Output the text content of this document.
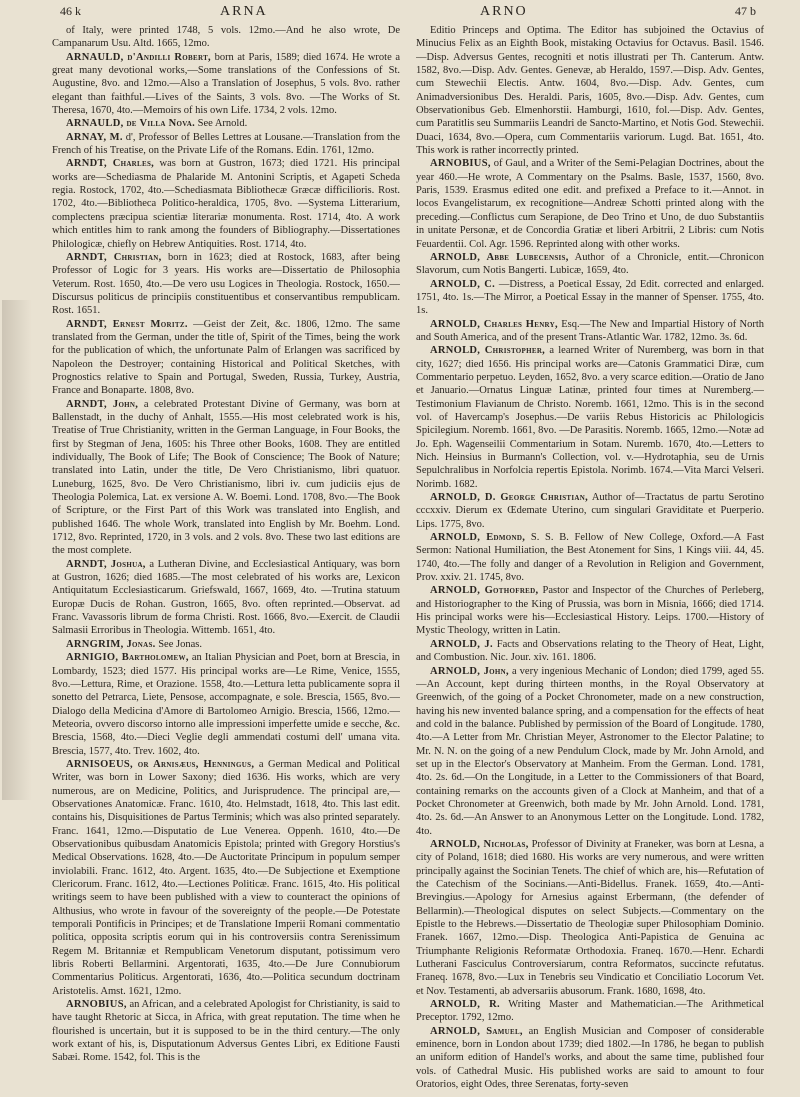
46 k	ARNA	ARNO	47 b

of Italy, were printed 1748, 5 vols. 12mo.—And he also wrote, De Campanarum Usu. Altd. 1665, 12mo.

ARNAULD, d'Andilli Robert, born at Paris, 1589; died 1674. He wrote a great many devotional works,—Some translations of the Confessions of St. Augustine, 8vo. and 12mo.—Also a Translation of Josephus, 5 vols. 8vo. rather elegant than faithful.—Lives of the Saints, 3 vols. 8vo. —The Works of St. Theresa, 1670, 4to.—Memoirs of his own Life. 1734, 2 vols. 12mo.

ARNAULD, de Villa Nova. See Arnold.

ARNAY, M. d', Professor of Belles Lettres at Lousane.—Translation from the French of his Treatise, on the Private Life of the Romans. Edin. 1761, 12mo.

ARNDT, Charles, was born at Gustron, 1673; died 1721. His principal works are—Schediasma de Phalaride M. Antonini Scriptis, et Agapeti Scheda regia. Rostock, 1702, 4to.—Schediasmata Bibliothecæ Græcæ difficilioris. Rost. 1702, 4to.—Bibliotheca Politico-heraldica, 1705, 8vo. —Systema Litterarium, complectens præcipua scientiæ literariæ monumenta. Rost. 1714, 4to. A work which entitles him to rank among the founders of Bibliography.—Dissertationes Philologicæ, chiefly on Hebrew Antiquities. Rost. 1714, 4to.

ARNDT, Christian, born in 1623; died at Rostock, 1683, after being Professor of Logic for 3 years. His works are—Dissertatio de Philosophia Veterum. Rost. 1650, 4to.—De vero usu Logices in Theologia. Rostock, 1650.—Discursus politicus de principiis constituentibus et conservantibus rempublicam. Rost. 1651.

ARNDT, Ernest Moritz. —Geist der Zeit, &c. 1806, 12mo. The same translated from the German, under the title of, Spirit of the Times, being the work for the publication of which, the unfortunate Palm of Erlangen was sacrificed by Napoleon the Destroyer; containing Historical and Political Sketches, with Prognostics relative to Spain and Portugal, Sweden, Russia, Turkey, Austria, France and Bonaparte. 1808, 8vo.

ARNDT, John, a celebrated Protestant Divine of Germany, was born at Ballenstadt, in the duchy of Anhalt, 1555.—His most celebrated work is his, Treatise of True Christianity, written in the German Language, in Four Books, the first by Stegman of Jena, 1605: his Three other Books, 1608. They are entitled individually, The Book of Life; The Book of Conscience; The Book of Nature; translated into Latin, under the title, De Vero Christianismo, libri quatuor. Luneburg, 1625, 8vo. De Vero Christianismo, libri iv. cum judiciis ejus de Theologia Polemica, Lat. ex versione A. W. Boemi. Lond. 1708, 8vo.—The Book of Scripture, or the First Part of this Work was translated into English, and published 1646. The whole Work, translated into English by Mr. Boehm. Lond. 1712, 8vo. Reprinted, 1720, in 3 vols. and 2 vols. 8vo. These two last editions are the most complete.

ARNDT, Joshua, a Lutheran Divine, and Ecclesiastical Antiquary, was born at Gustron, 1626; died 1685.—The most celebrated of his works are, Lexicon Antiquitatum Ecclesiasticarum. Griefswald, 1667, 1669, 4to. —Trutina statuum Europæ Ducis de Rohan. Gustron, 1665, 8vo. often reprinted.—Observat. ad Franc. Vavassoris librum de forma Christi. Rost. 1666, 8vo.—Exercit. de Claudii Salmasii Erroribus in Theologia. Wittemb. 1651, 4to.

ARNGRIM, Jonas. See Jonas.

ARNIGIO, Bartholomew, an Italian Physician and Poet, born at Brescia, in Lombardy, 1523; died 1577. His principal works are—Le Rime, Venice, 1555, 8vo.—Lettura, Rime, et Orazione. 1558, 4to.—Lettura letta publicamente sopra il sonetto del Petrarca, Liete, Pensose, accompagnate, e sole. Brescia, 1565, 8vo.—Dialogo della Medicina d'Amore di Bartolomeo Arnigio. Brescia, 1566, 12mo.—Meteoria, ovvero discorso intorno alle impressioni imperfette umide e secche, &c. Brescia, 1568, 4to.—Dieci Veglie degli ammendati costumi dell' umana vita. Brescia, 1577, 4to. Trev. 1602, 4to.

ARNISOEUS, or Arnisæus, Henningus, a German Medical and Political Writer, was born in Lower Saxony; died 1636. His works, which are very numerous, are on Medicine, Politics, and Jurisprudence. The principal are,—Observationes Anatomicæ. Franc. 1610, 4to. Helmstadt, 1618, 4to. This last edit. contains his, Disquisitiones de Partus Terminis; which was also printed separately. Franc. 1641, 12mo.—Disputatio de Lue Venerea. Oppenh. 1610, 4to.—De Observationibus quibusdam Anatomicis Epistola; printed with Gregory Horstius's Medical Observations. 1628, 4to.—De Auctoritate Principum in populum semper inviolabili. Franc. 1612, 4to. Argent. 1635, 4to.—De Subjectione et Exemptione Clericorum. Franc. 1612, 4to.—Lectiones Politicæ. Franc. 1615, 4to. His political writings seem to have been published with a view to counteract the opinions of Althusius, who wrote in favour of the sovereignty of the people.—De Potestate temporali Pontificis in Principes; et de Translatione Imperii Romani commentatio politica, opposita scriptis eorum qui in his controversiis contra Serenissimum Regem M. Britanniæ et Rempublicam Venetorum disputant, potissimum vero libris Roberti Bellarmini. Argentorati, 1635, 4to.—De Jure Connubiorum Commentarius Politicus. Argentorati, 1636, 4to.—Politica secundum doctrinam Aristotelis. Amst. 1621, 12mo.

ARNOBIUS, an African, and a celebrated Apologist for Christianity, is said to have taught Rhetoric at Sicca, in Africa, with great reputation. The time when he flourished is uncertain, but it is supposed to be in the third century.—The only work extant of his, is, Disputationum Adversus Gentes Libri, ex Editione Fausti Sabæi. Rome. 1542, fol. This is the

Editio Princeps and Optima. The Editor has subjoined the Octavius of Minucius Felix as an Eighth Book, mistaking Octavius for Octavus. Basil. 1546.—Disp. Adversus Gentes, recogniti et notis illustrati per Th. Canterum. Antw. 1582, 8vo.—Disp. Adv. Gentes. Genevæ, ab Heraldo, 1597.—Disp. Adv. Gentes, cum Stewechii Electis. Antw. 1604, 8vo.—Disp. Adv. Gentes, cum Animadversionibus Des. Heraldi. Paris, 1605, 8vo.—Disp. Adv. Gentes, cum Observationibus Geb. Elmenhorstii. Hamburgi, 1610, fol.—Disp. Adv. Gentes, cum Paratitlis seu Summariis Leandri de Sancto-Martino, et Notis God. Stewechii. Duaci, 1634, 8vo.—Opera, cum Commentariis variorum. Lugd. Bat. 1651, 4to. This work is rather incorrectly printed.

ARNOBIUS, of Gaul, and a Writer of the Semi-Pelagian Doctrines, about the year 460.—He wrote, A Commentary on the Psalms. Basle, 1537, 1560, 8vo. Paris, 1539. Erasmus edited one edit. and prefixed a Preface to it.—Annot. in locos Evangelistarum, ex recognitione—Andreæ Schotti printed along with the preceding.—Conflictus cum Serapione, de Deo Trino et Uno, de duo Substantiis in unitate Personæ, et de Concordia Gratiæ et liberi Arbitrii, 2 Libris: cum Notis Feuardentii. Col. Agr. 1596. Reprinted along with other works.

ARNOLD, Abbe Lubecensis, Author of a Chronicle, entit.—Chronicon Slavorum, cum Notis Bangerti. Lubicæ, 1659, 4to.

ARNOLD, C. —Distress, a Poetical Essay, 2d Edit. corrected and enlarged. 1751, 4to. 1s.—The Mirror, a Poetical Essay in the manner of Spenser. 1755, 4to. 1s.

ARNOLD, Charles Henry, Esq.—The New and Impartial History of North and South America, and of the present Trans-Atlantic War. 1782, 12mo. 3s. 6d.

ARNOLD, Christopher, a learned Writer of Nuremberg, was born in that city, 1627; died 1656. His principal works are—Catonis Grammatici Diræ, cum Commentario perpetuo. Leyden, 1652, 8vo. a very scarce edition.—Oratio de Jano et Januario.—Ornatus Linguæ Latinæ, printed four times at Nuremberg.—Testimonium Flavianum de Christo. Noremb. 1661, 12mo. This is in the second vol. of Havercamp's Josephus.—De variis Rebus Historicis ac Philologicis Spicilegium. Noremb. 1661, 8vo. —De Parasitis. Noremb. 1665, 12mo.—Notæ ad Jo. Eph. Wagenseilii Commentarium in Sotam. Nuremb. 1670, 4to.—Letters to Nich. Heinsius in Burmann's Collection, vol. v.—Hydrotaphia, seu de Urnis Sepulchralibus in Norfolcia repertis Epistola. Norimb. 1674.—Vita Marci Velseri. Norimb. 1682.

ARNOLD, D. George Christian, Author of—Tractatus de partu Serotino cccxxiv. Dierum ex Œdemate Uterino, cum singulari Graviditate et Puerperio. Lips. 1775, 8vo.

ARNOLD, Edmond, S. S. B. Fellow of New College, Oxford.—A Fast Sermon: National Humiliation, the Best Atonement for Sins, 1 Kings viii. 44, 45. 1740, 4to.—The folly and danger of a Revolution in Religion and Government, Prov. xxiv. 21. 1745, 8vo.

ARNOLD, Gothofred, Pastor and Inspector of the Churches of Perleberg, and Historiographer to the King of Prussia, was born in Misnia, 1666; died 1714. His principal works were his—Ecclesiastical History. Leips. 1700.—History of Mystic Theology, written in Latin.

ARNOLD, J. Facts and Observations relating to the Theory of Heat, Light, and Combustion. Nic. Jour. xiv. 161. 1806.

ARNOLD, John, a very ingenious Mechanic of London; died 1799, aged 55.—An Account, kept during thirteen months, in the Royal Observatory at Greenwich, of the going of a Pocket Chronometer, made on a new construction, having his new invented balance spring, and a compensation for the effects of heat and cold in the balance. Published by permission of the Board of Longitude. 1780, 4to.—A Letter from Mr. Christian Meyer, Astronomer to the Elector Palatine; to Mr. N. N. on the going of a new Pendulum Clock, made by Mr. John Arnold, and set up in the Elector's Observatory at Manheim. From the German. Lond. 1781, 4to. 2s. 6d.—On the Longitude, in a Letter to the Commissioners of that Board, containing remarks on the accounts given of a Clock at Manheim, and that of a Pocket Chronometer at Greenwich, both made by Mr. John Arnold. Lond. 1781, 4to. 2s. 6d.—An Answer to an Anonymous Letter on the Longitude. Lond. 1782, 4to.

ARNOLD, Nicholas, Professor of Divinity at Franeker, was born at Lesna, a city of Poland, 1618; died 1680. His works are very numerous, and were written principally against the Socinian Tenets. The chief of which are, his—Refutation of the Catechism of the Socinians.—Anti-Bidellus. Franek. 1659, 4to.—Anti-Brevingius.—Apology for Arnesius against Erbermann, (the defender of Bellarmin).—Theological disputes on select Subjects.—Commentary on the Epistle to the Hebrews.—Dissertatio de Theologiæ super Philosophiam Dominio. Franek. 1667, 12mo.—Disp. Theologica Anti-Papistica de Genuina ac Triumphante Religionis Reformatæ Orthodoxia. Franeq. 1670.—Henr. Echardi Lutherani Fasciculus Controversiarum, contra Reformatos, succincte refutatus. Franeq. 1678, 8vo.—Lux in Tenebris seu Vindicatio et Conciliatio Locorum Vet. et Nov. Testamenti, ab adversariis abusorum. Frank. 1680, 1698, 4to.

ARNOLD, R. Writing Master and Mathematician.—The Arithmetical Preceptor. 1792, 12mo.

ARNOLD, Samuel, an English Musician and Composer of considerable eminence, born in London about 1739; died 1802.—In 1786, he began to publish an uniform edition of Handel's works, and about the same time, published four vols. of Cathedral Music. His published works are said to amount to four Oratorios, eight Odes, three Serenatas, forty-seven
